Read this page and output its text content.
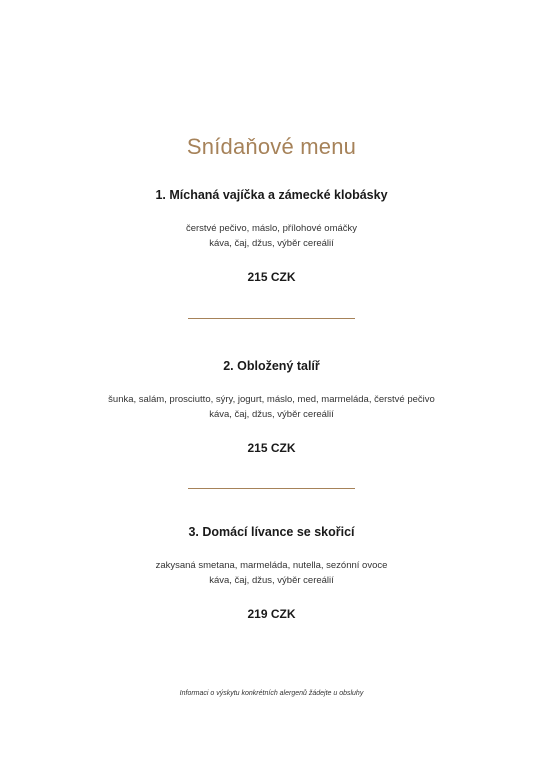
Snídaňové menu
1. Míchaná vajíčka a zámecké klobásky
čerstvé pečivo, máslo, přílohové omáčky
káva, čaj, džus, výběr cereálií
215 CZK
2. Obložený talíř
šunka, salám, prosciutto, sýry, jogurt, máslo, med, marmeláda, čerstvé pečivo
káva, čaj, džus, výběr cereálií
215 CZK
3. Domácí lívance se skořicí
zakysaná smetana, marmeláda, nutella, sezónní ovoce
káva, čaj, džus, výběr cereálií
219 CZK
Informaci o výskytu konkrétních alergenů žádejte u obsluhy
